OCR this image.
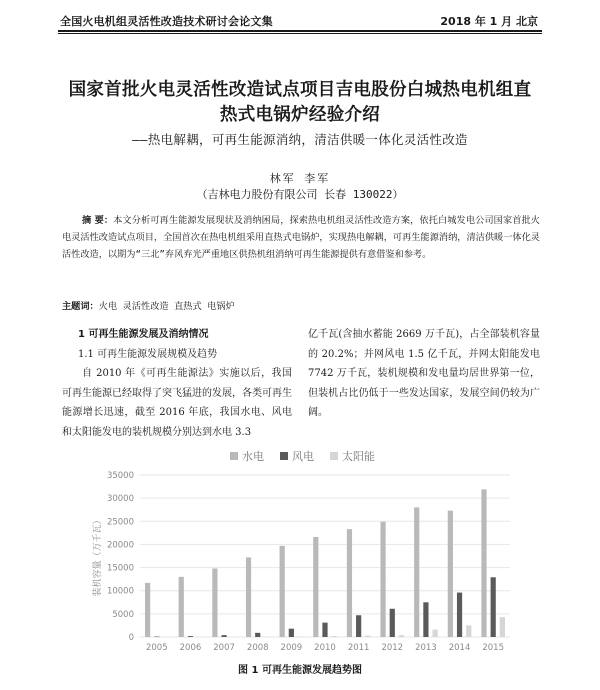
全国火电机组灵活性改造技术研讨会论文集	2018 年 1 月 北京
国家首批火电灵活性改造试点项目吉电股份白城热电机组直
热式电锅炉经验介绍
——热电解耦，可再生能源消纳，清洁供暖一体化灵活性改造
林军 李军
（吉林电力股份有限公司 长春 130022）
摘 要：本文分析可再生能源发展现状及消纳困局，探索热电机组灵活性改造方案，依托白城发电公司国家首批火电灵活性改造试点项目，全国首次在热电机组采用直热式电锅炉，实现热电解耦，可再生能源消纳，清洁供暖一体化灵活性改造，以期为“三北”弃风弃光严重地区供热机组消纳可再生能源提供有意借鉴和参考。
主题词：火电 灵活性改造 直热式 电锅炉
1 可再生能源发展及消纳情况
1.1 可再生能源发展规模及趋势
自 2010 年《可再生能源法》实施以后，我国可再生能源已经取得了突飞猛进的发展，各类可再生能源增长迅速，截至 2016 年底，我国水电、风电和太阳能发电的装机规模分别达到水电 3.3
亿千瓦(含抽水蓄能 2669 万千瓦)，占全部装机容量的 20.2%；并网风电 1.5 亿千瓦，并网太阳能发电 7742 万千瓦，装机规模和发电量均居世界第一位，但装机占比仍低于一些发达国家，发展空间仍较为广阔。
0
5000
10000
15000
20000
25000
30000
35000
装机容量（万千瓦）
2005 2006 2007 2008 2009 2010 2011 2012 2013 2014 2015
水电	风电	太阳能
图 1 可再生能源发展趋势图
